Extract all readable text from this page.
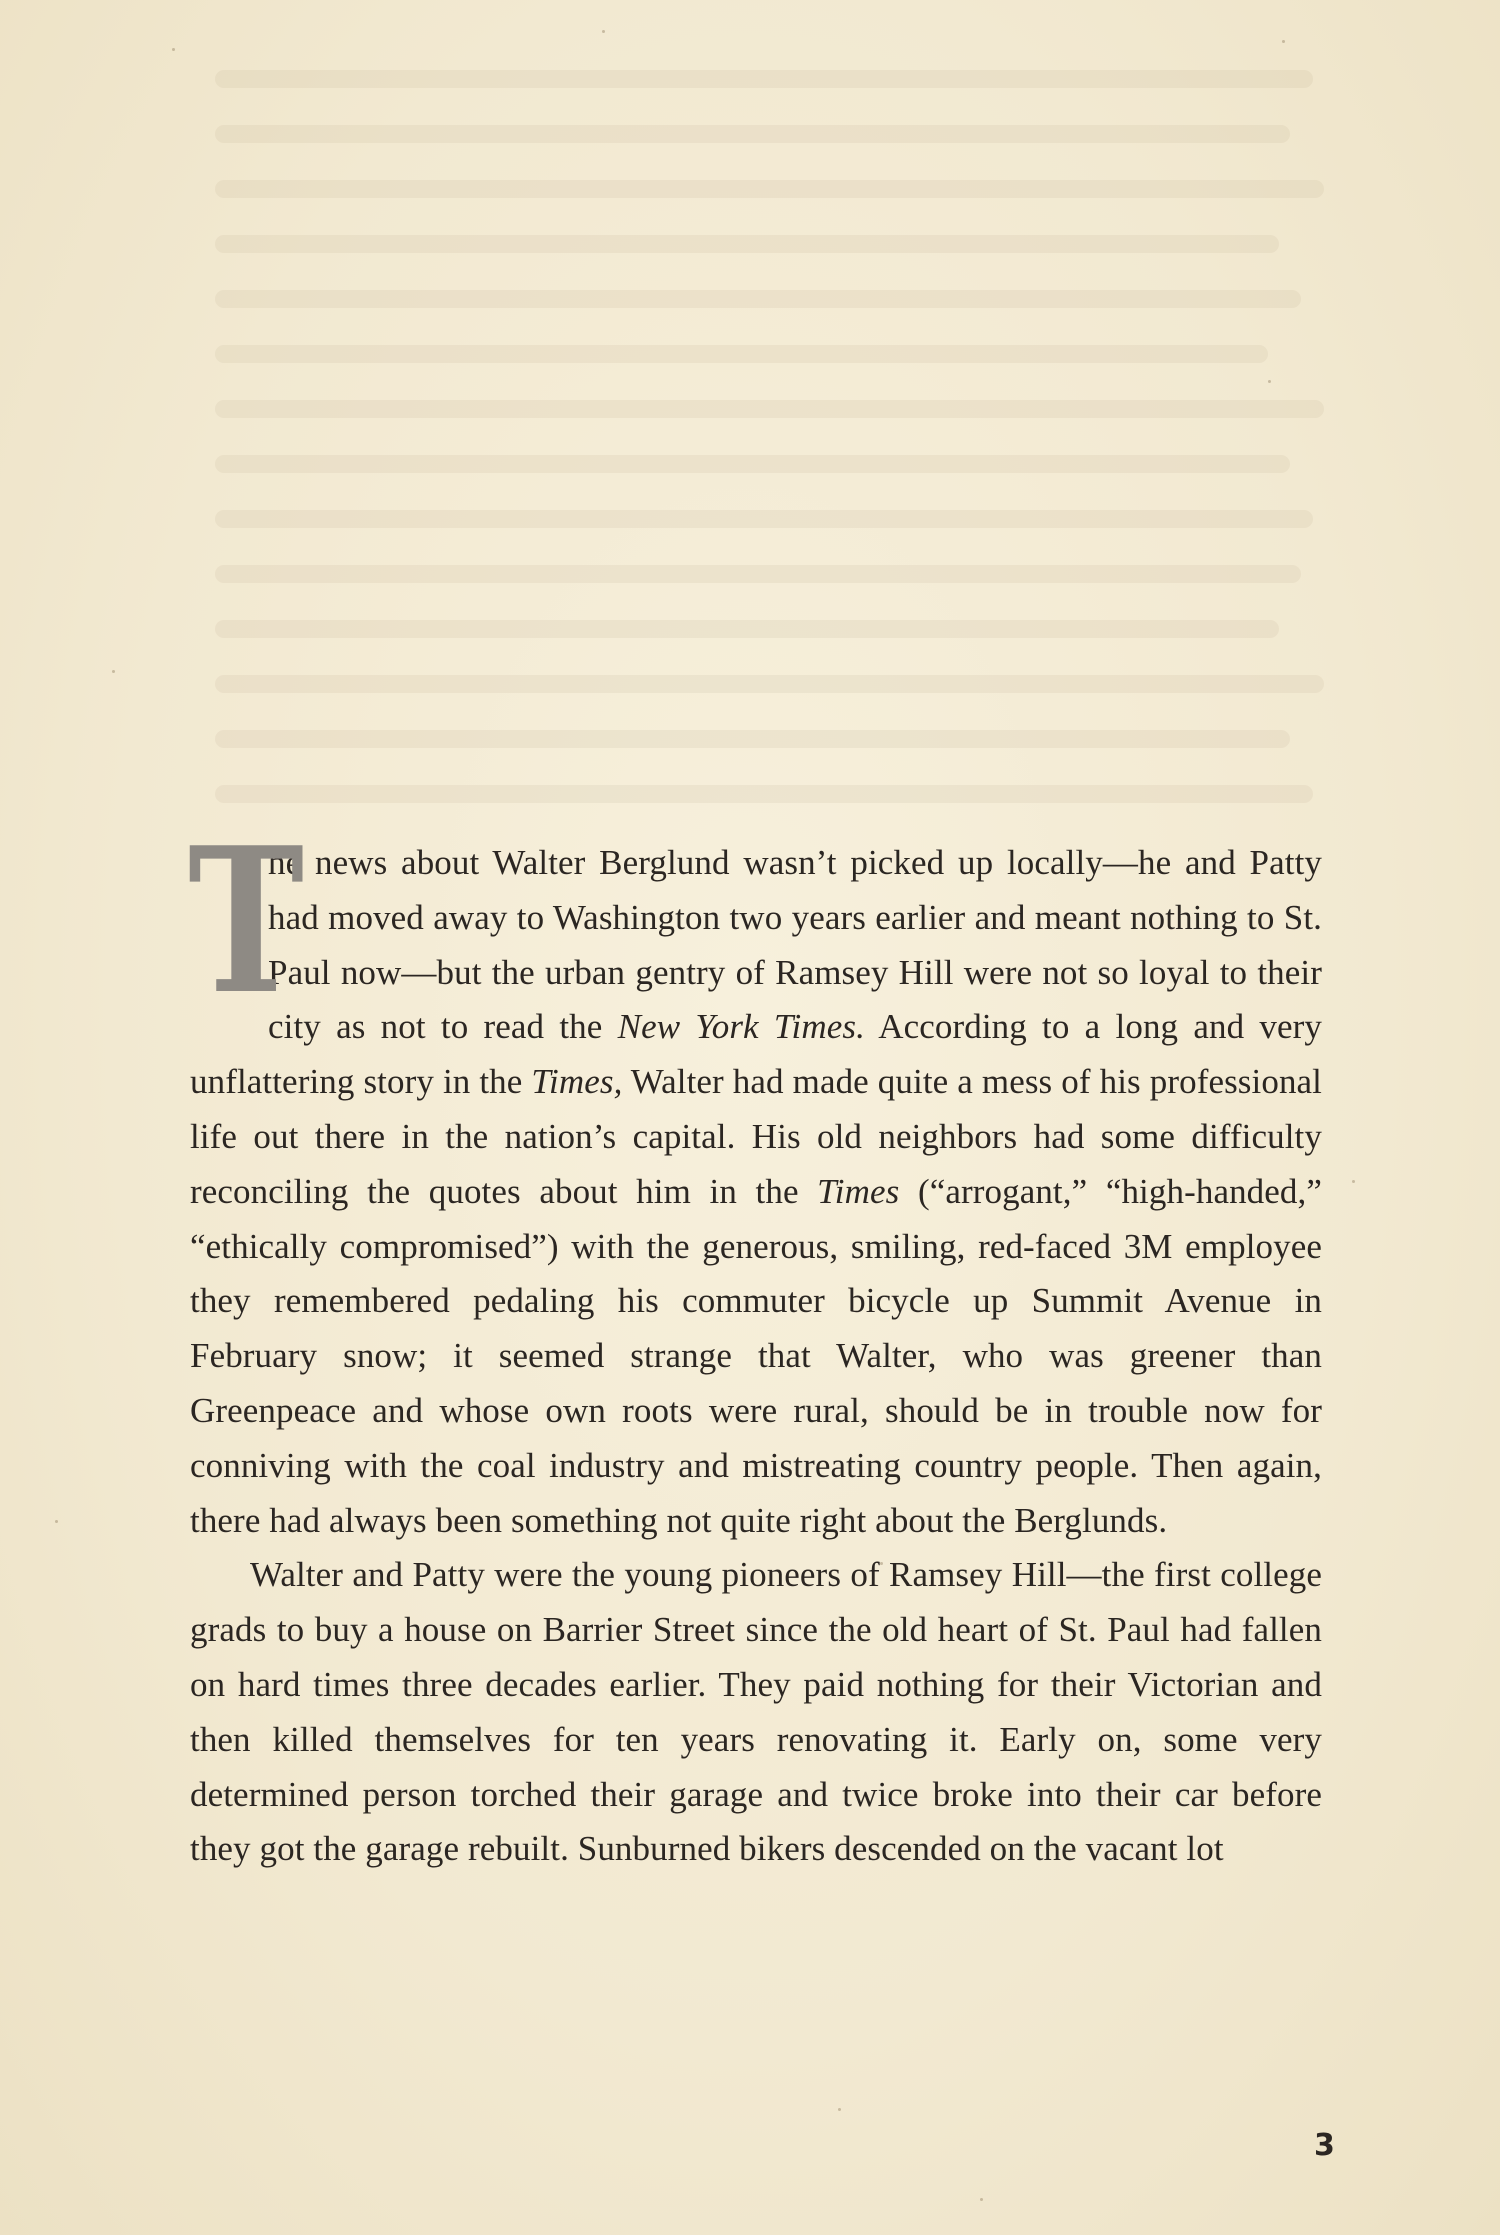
T

he news about Walter Berglund wasn’t picked up locally—he and Patty had moved away to Washington two years earlier and meant nothing to St. Paul now—but the urban gentry of Ramsey Hill were not so loyal to their city as not to read the New York Times. According to a long and very unflattering story in the Times, Walter had made quite a mess of his professional life out there in the nation’s capital. His old neighbors had some difficulty reconciling the quotes about him in the Times (“arrogant,” “high-handed,” “ethically compromised”) with the generous, smiling, red-faced 3M employee they remembered pedaling his commuter bicycle up Summit Avenue in February snow; it seemed strange that Walter, who was greener than Greenpeace and whose own roots were rural, should be in trouble now for conniving with the coal industry and mistreating country people. Then again, there had always been something not quite right about the Berglunds.

Walter and Patty were the young pioneers of Ramsey Hill—the first college grads to buy a house on Barrier Street since the old heart of St. Paul had fallen on hard times three decades earlier. They paid nothing for their Victorian and then killed themselves for ten years renovating it. Early on, some very determined person torched their garage and twice broke into their car before they got the garage rebuilt. Sunburned bikers descended on the vacant lot

3
